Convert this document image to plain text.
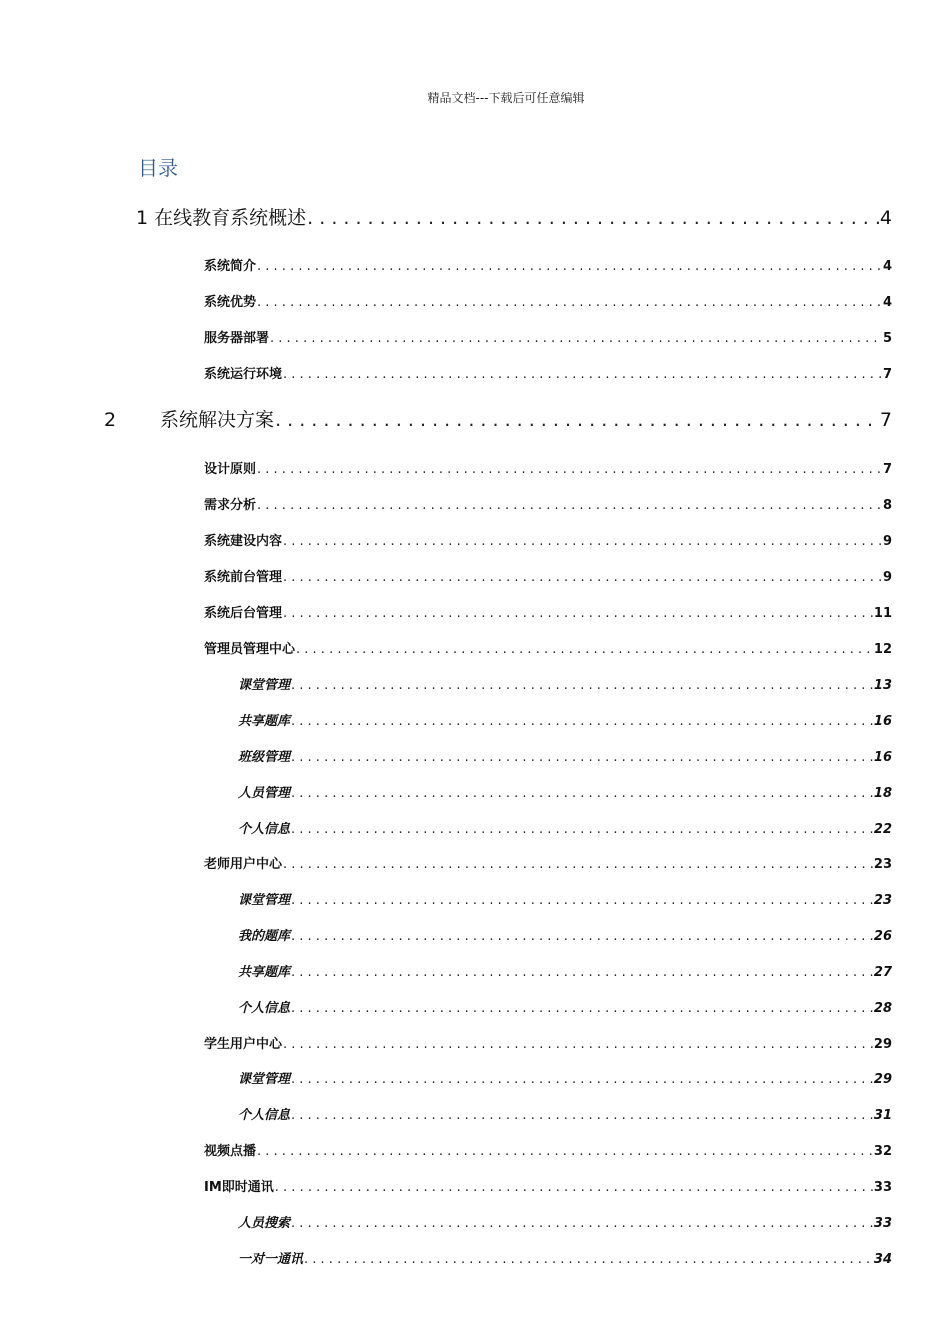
精品文档---下载后可任意编辑
目录
1 在线教育系统概述 . . .	4
系统简介 . . .	4
系统优势 . . .	4
服务器部署 . . .	5
系统运行环境 . . .	7
2 系统解决方案 . . .	7
设计原则 . . .	7
需求分析 . . .	8
系统建设内容 . . .	9
系统前台管理 . . .	9
系统后台管理 . . .	11
管理员管理中心 . . .	12
课堂管理 . . .	13
共享题库 . . .	16
班级管理 . . .	16
人员管理 . . .	18
个人信息 . . .	22
老师用户中心 . . .	23
课堂管理 . . .	23
我的题库 . . .	26
共享题库 . . .	27
个人信息 . . .	28
学生用户中心 . . .	29
课堂管理 . . .	29
个人信息 . . .	31
视频点播 . . .	32
IM即时通讯 . . .	33
人员搜索 . . .	33
一对一通讯 . . .	34
